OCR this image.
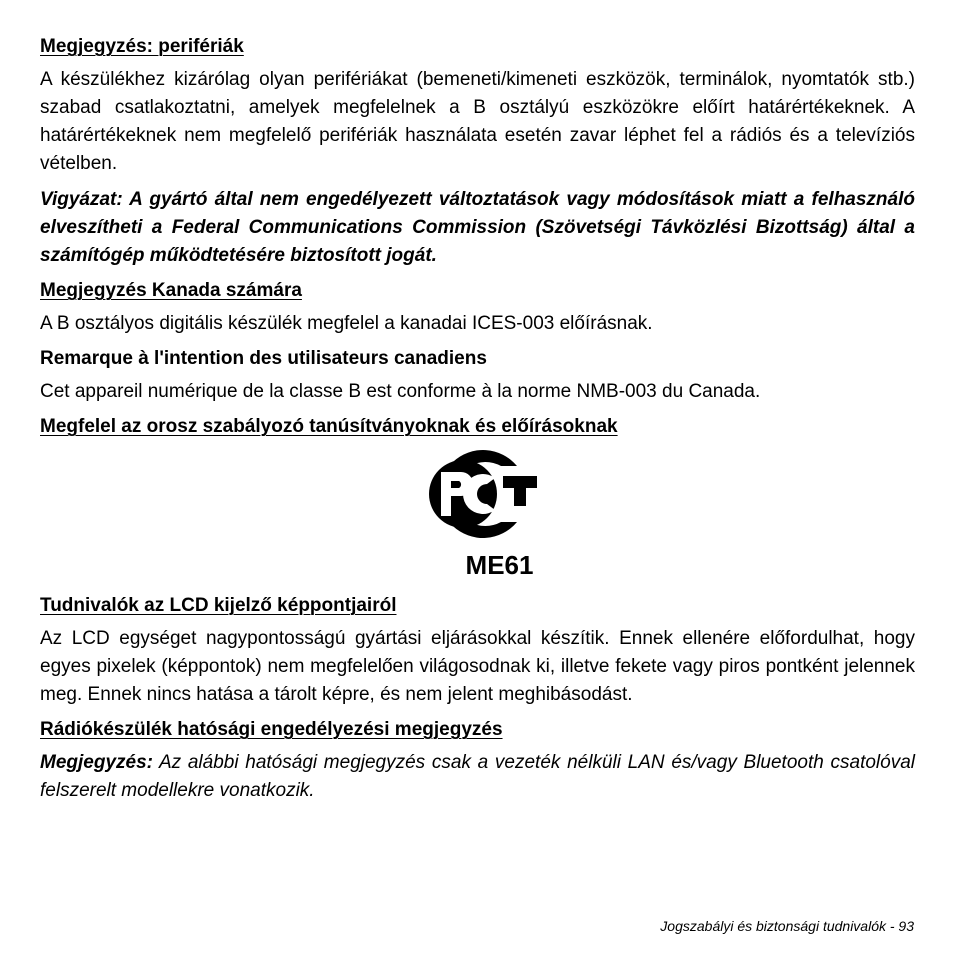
Megjegyzés: perifériák

A készülékhez kizárólag olyan perifériákat (bemeneti/kimeneti eszközök, terminálok, nyomtatók stb.) szabad csatlakoztatni, amelyek megfelelnek a B osztályú eszközökre előírt határértékeknek. A határértékeknek nem megfelelő perifériák használata esetén zavar léphet fel a rádiós és a televíziós vételben.

Vigyázat: A gyártó által nem engedélyezett változtatások vagy módosítások miatt a felhasználó elveszítheti a Federal Communications Commission (Szövetségi Távközlési Bizottság) által a számítógép működtetésére biztosított jogát.

Megjegyzés Kanada számára

A B osztályos digitális készülék megfelel a kanadai ICES-003 előírásnak.

Remarque à l'intention des utilisateurs canadiens

Cet appareil numérique de la classe B est conforme à la norme NMB-003 du Canada.

Megfelel az orosz szabályozó tanúsítványoknak és előírásoknak
ME61
Tudnivalók az LCD kijelző képpontjairól

Az LCD egységet nagypontosságú gyártási eljárásokkal készítik. Ennek ellenére előfordulhat, hogy egyes pixelek (képpontok) nem megfelelően világosodnak ki, illetve fekete vagy piros pontként jelennek meg. Ennek nincs hatása a tárolt képre, és nem jelent meghibásodást.

Rádiókészülék hatósági engedélyezési megjegyzés

Megjegyzés: Az alábbi hatósági megjegyzés csak a vezeték nélküli LAN és/vagy Bluetooth csatolóval felszerelt modellekre vonatkozik.

Jogszabályi és biztonsági tudnivalók - 93
